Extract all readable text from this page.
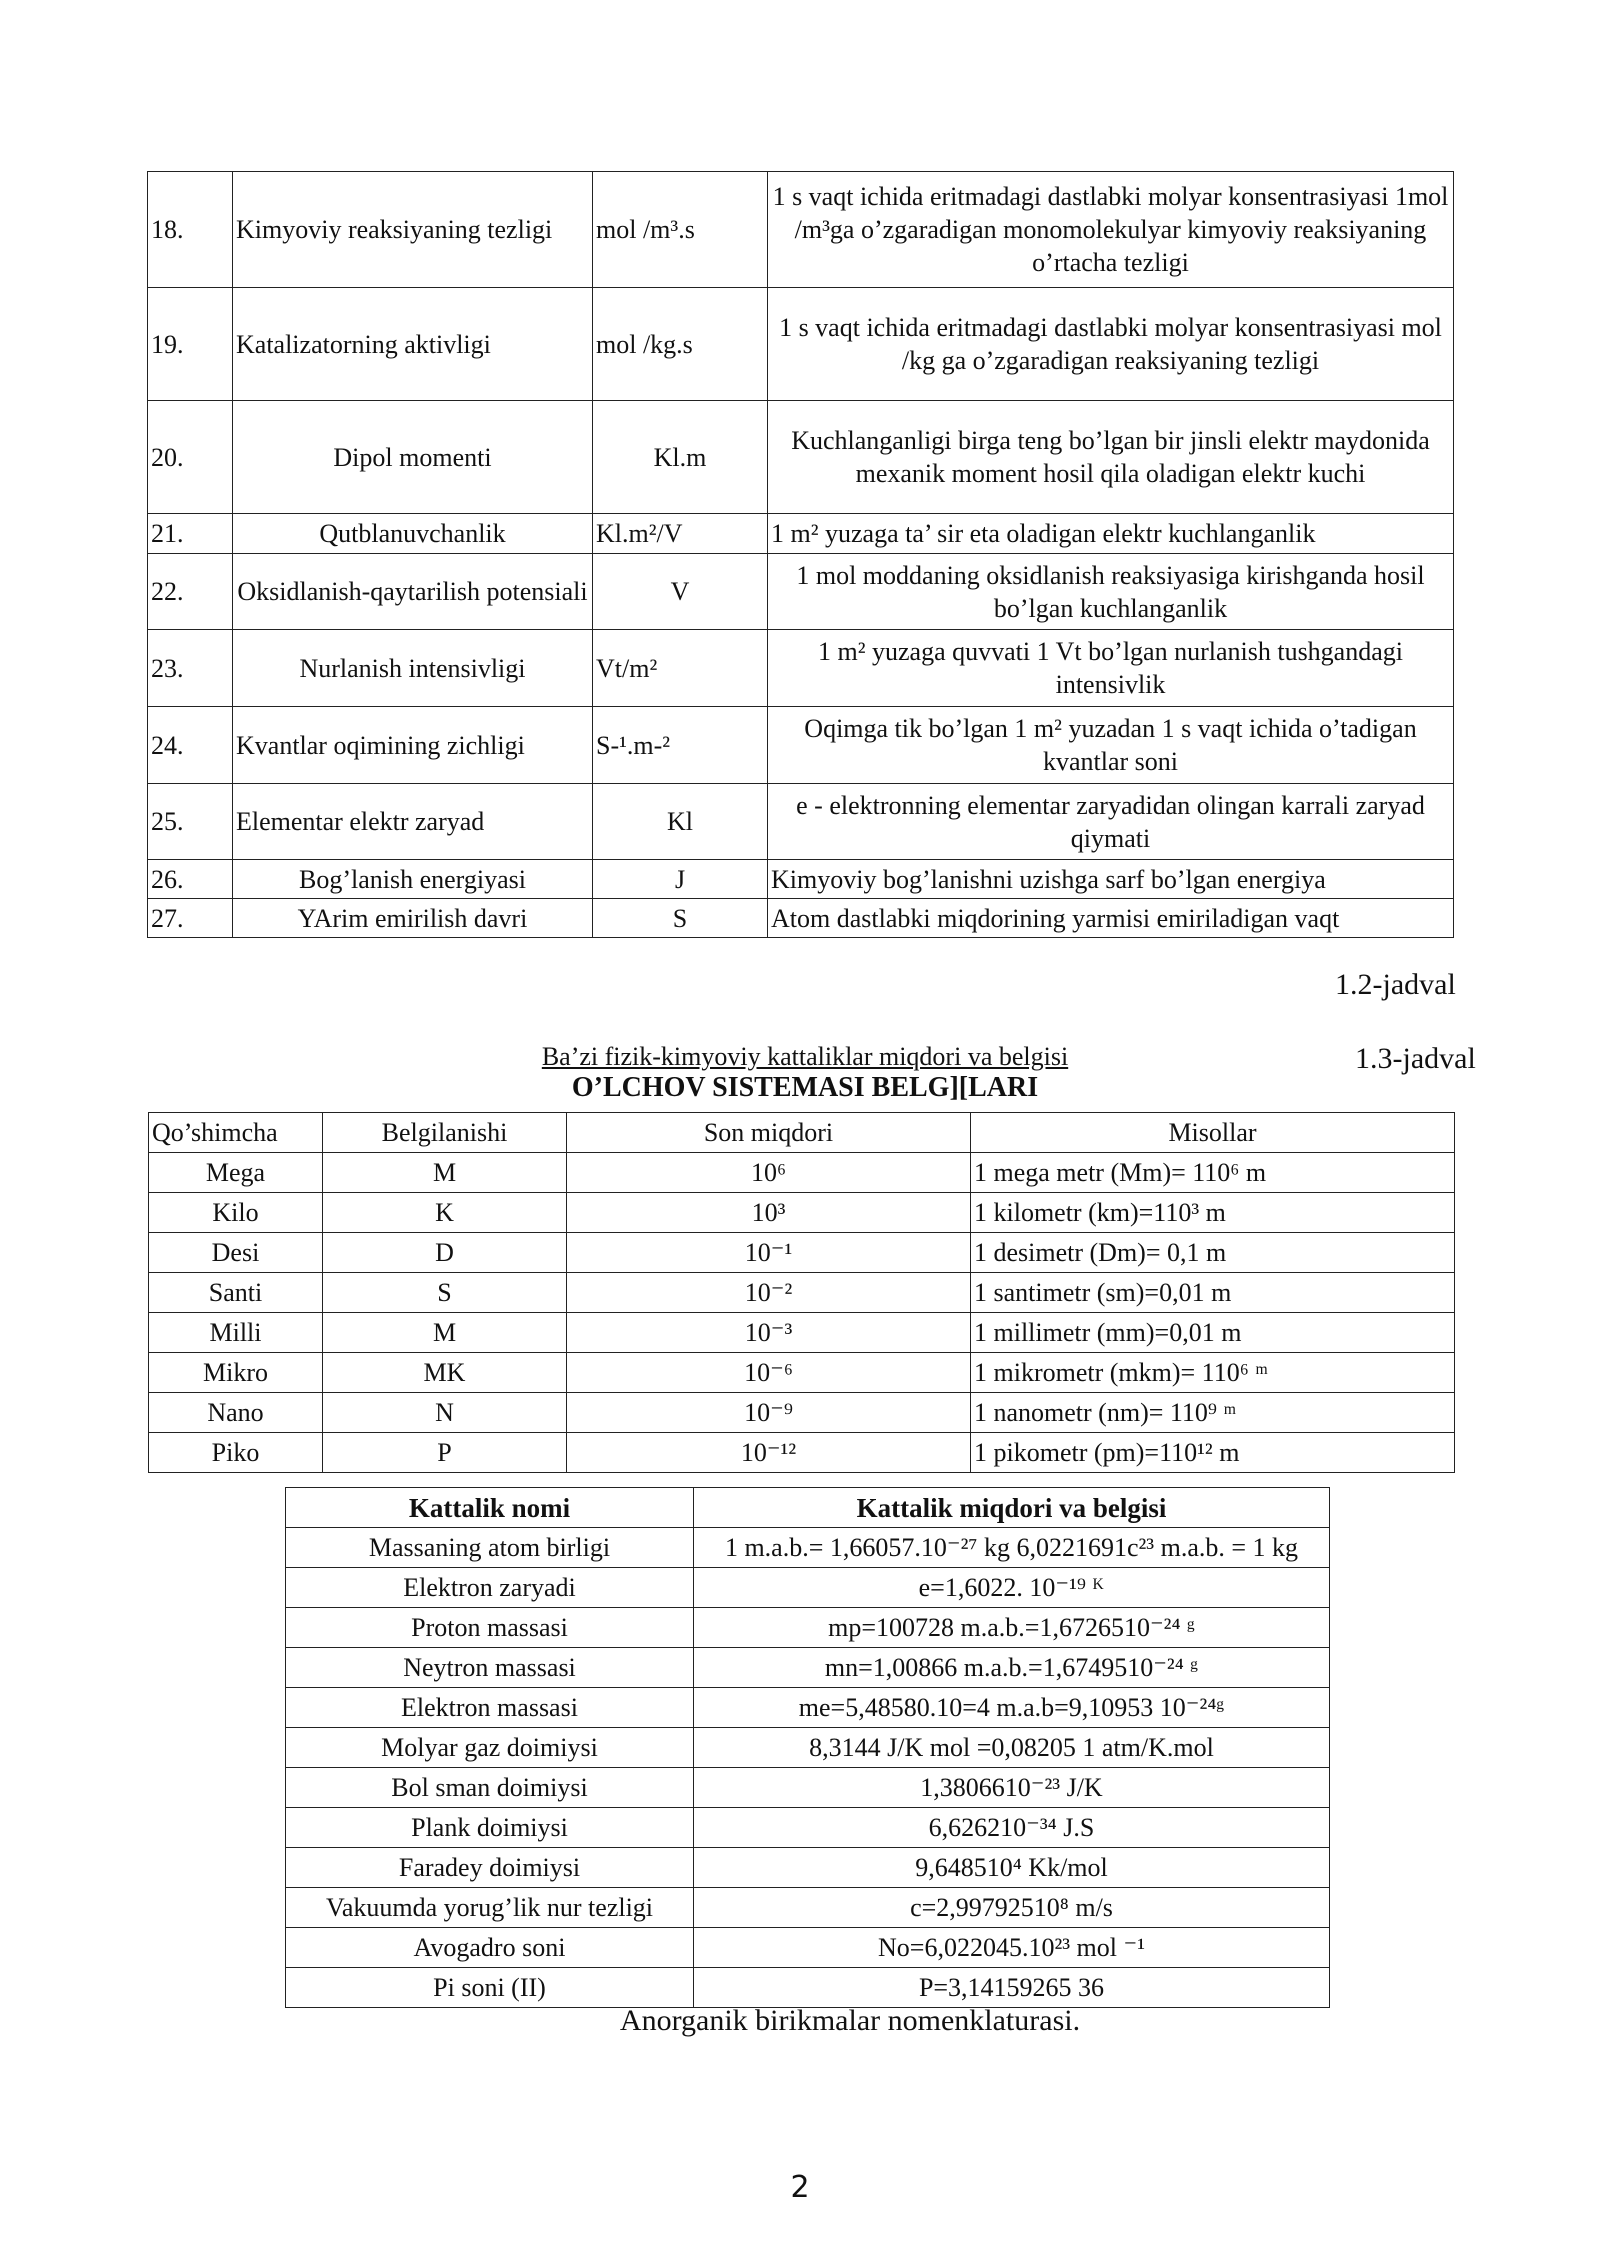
18.	Kimyoviy reaksiyaning tezligi	mol /m³.s	1 s vaqt ichida eritmadagi dastlabki molyar konsentrasiyasi 1mol /m³ga o’zgaradigan monomolekulyar kimyoviy reaksiyaning o’rtacha tezligi
19.	Katalizatorning aktivligi	mol /kg.s	1 s vaqt ichida eritmadagi dastlabki molyar konsentrasiyasi mol /kg ga o’zgaradigan reaksiyaning tezligi
20.	Dipol momenti	Kl.m	Kuchlanganligi birga teng bo’lgan bir jinsli elektr maydonida mexanik moment hosil qila oladigan elektr kuchi
21.	Qutblanuvchanlik	Kl.m²/V	1 m² yuzaga ta’ sir eta oladigan elektr kuchlanganlik
22.	Oksidlanish-qaytarilish potensiali	V	1 mol moddaning oksidlanish reaksiyasiga kirishganda hosil bo’lgan kuchlanganlik
23.	Nurlanish intensivligi	Vt/m²	1 m² yuzaga quvvati 1 Vt bo’lgan nurlanish tushgandagi intensivlik
24.	Kvantlar oqimining zichligi	S-¹.m-²	Oqimga tik bo’lgan 1 m² yuzadan 1 s vaqt ichida o’tadigan kvantlar soni
25.	Elementar elektr zaryad	Kl	e - elektronning elementar zaryadidan olingan karrali zaryad qiymati
26.	Bog’lanish energiyasi	J	Kimyoviy bog’lanishni uzishga sarf bo’lgan energiya
27.	YArim emirilish davri	S	Atom dastlabki miqdorining yarmisi emiriladigan vaqt
1.2-jadval
1.3-jadval
Ba’zi fizik-kimyoviy kattaliklar miqdori va belgisi
O’LCHOV SISTEMASI BELG][LARI
Qo’shimcha	Belgilanishi	Son miqdori	Misollar
Mega	M	10⁶	1 mega metr (Mm)= 110⁶ m
Kilo	K	10³	1 kilometr (km)=110³ m
Desi	D	10⁻¹	1 desimetr (Dm)= 0,1 m
Santi	S	10⁻²	1 santimetr (sm)=0,01 m
Milli	M	10⁻³	1 millimetr (mm)=0,01 m
Mikro	MK	10⁻⁶	1 mikrometr (mkm)= 110⁶ ᵐ
Nano	N	10⁻⁹	1 nanometr (nm)= 110⁹ ᵐ
Piko	P	10⁻¹²	1 pikometr (pm)=110¹² m
Kattalik nomi	Kattalik miqdori va belgisi
Massaning atom birligi	1 m.a.b.= 1,66057.10⁻²⁷ kg 6,0221691c²³ m.a.b. = 1 kg
Elektron zaryadi	e=1,6022. 10⁻¹⁹ ᴷ
Proton massasi	mp=100728 m.a.b.=1,6726510⁻²⁴ ᵍ
Neytron massasi	mn=1,00866 m.a.b.=1,6749510⁻²⁴ ᵍ
Elektron massasi	me=5,48580.10=4 m.a.b=9,10953 10⁻²⁴ᵍ
Molyar gaz doimiysi	8,3144 J/K mol =0,08205 1 atm/K.mol
Bol sman doimiysi	1,3806610⁻²³ J/K
Plank doimiysi	6,626210⁻³⁴ J.S
Faradey doimiysi	9,648510⁴ Kk/mol
Vakuumda yorug’lik nur tezligi	c=2,99792510⁸ m/s
Avogadro soni	No=6,022045.10²³ mol ⁻¹
Pi soni (II)	P=3,14159265 36
Anorganik birikmalar nomenklaturasi.
2
